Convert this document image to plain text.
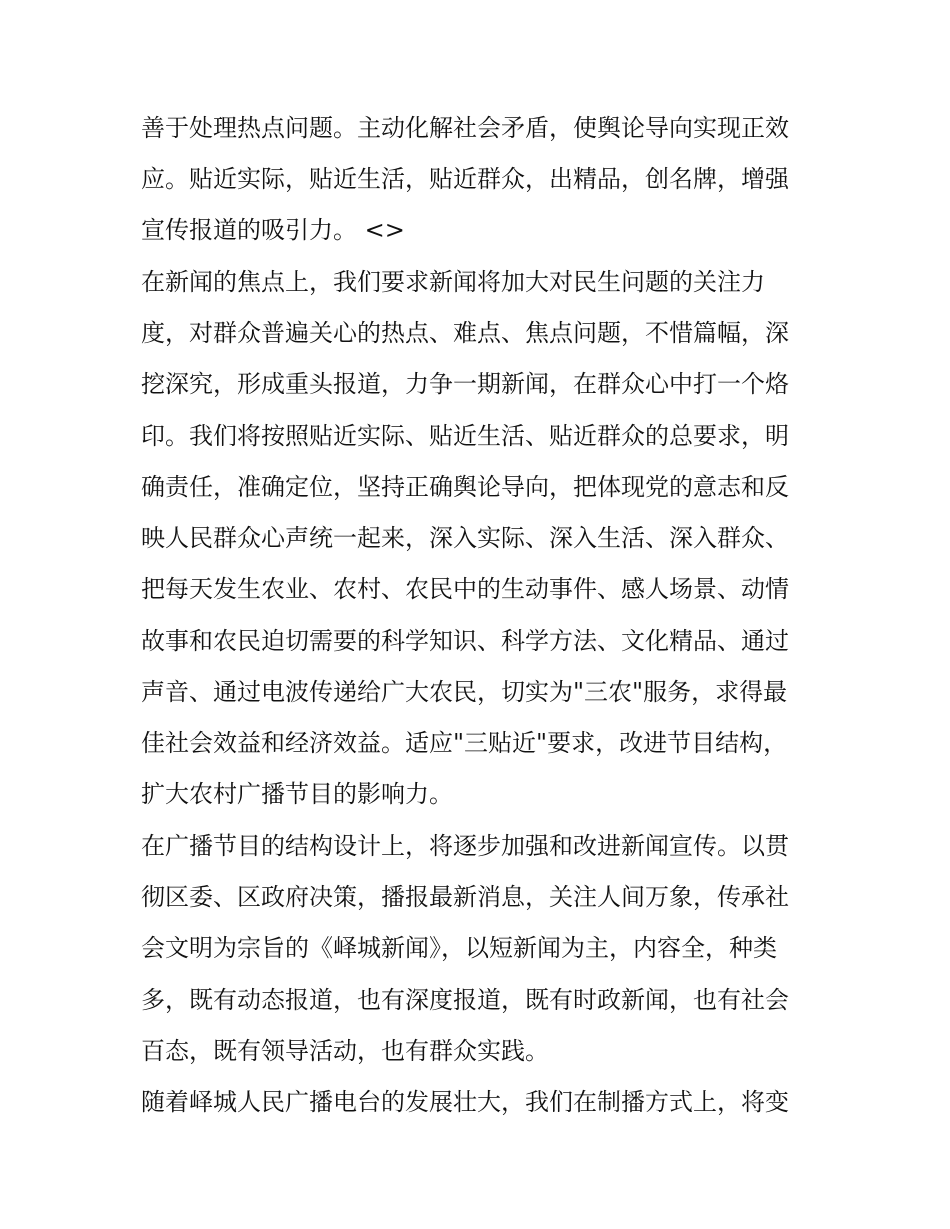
善于处理热点问题。主动化解社会矛盾，使舆论导向实现正效
应。贴近实际，贴近生活，贴近群众，出精品，创名牌，增强
宣传报道的吸引力。 <>
在新闻的焦点上，我们要求新闻将加大对民生问题的关注力
度，对群众普遍关心的热点、难点、焦点问题，不惜篇幅，深
挖深究，形成重头报道，力争一期新闻，在群众心中打一个烙
印。我们将按照贴近实际、贴近生活、贴近群众的总要求，明
确责任，准确定位，坚持正确舆论导向，把体现党的意志和反
映人民群众心声统一起来，深入实际、深入生活、深入群众、
把每天发生农业、农村、农民中的生动事件、感人场景、动情
故事和农民迫切需要的科学知识、科学方法、文化精品、通过
声音、通过电波传递给广大农民，切实为"三农"服务，求得最
佳社会效益和经济效益。适应"三贴近"要求，改进节目结构，
扩大农村广播节目的影响力。
在广播节目的结构设计上，将逐步加强和改进新闻宣传。以贯
彻区委、区政府决策，播报最新消息，关注人间万象，传承社
会文明为宗旨的《峄城新闻》，以短新闻为主，内容全，种类
多，既有动态报道，也有深度报道，既有时政新闻，也有社会
百态，既有领导活动，也有群众实践。
随着峄城人民广播电台的发展壮大，我们在制播方式上，将变
